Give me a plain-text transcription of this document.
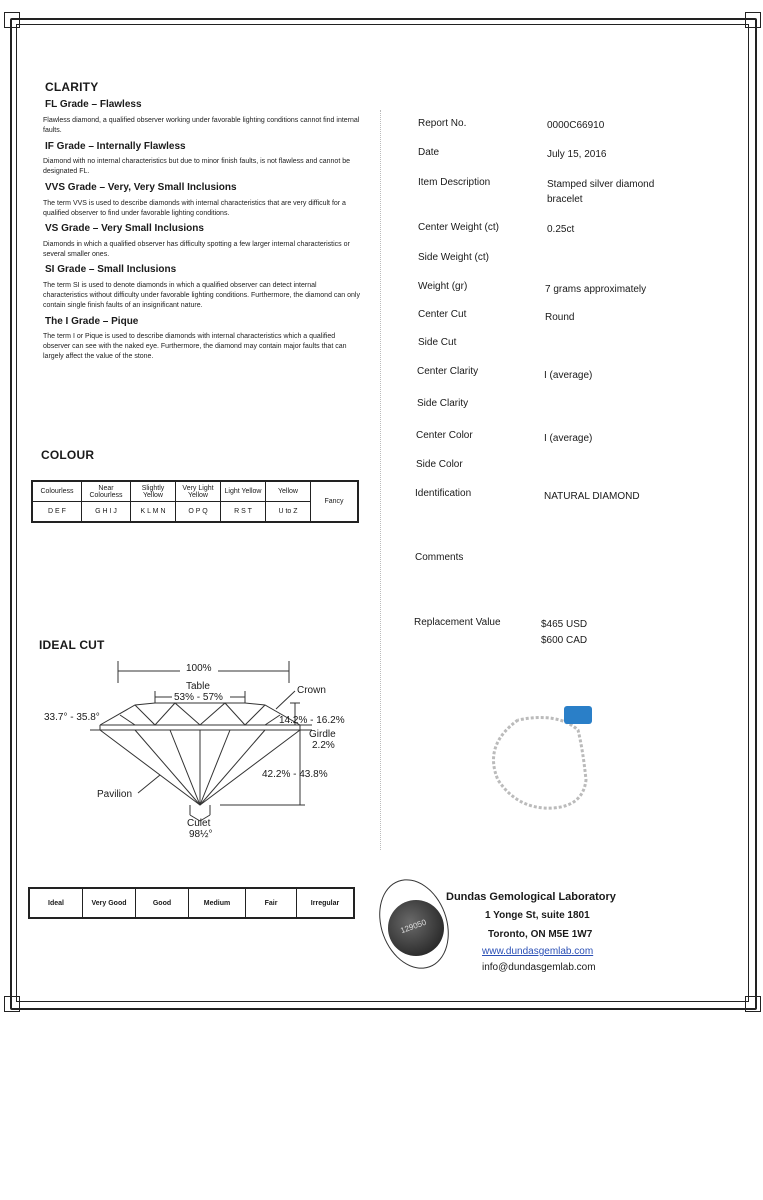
CLARITY
FL Grade – Flawless
Flawless diamond, a qualified observer working under favorable lighting conditions cannot find internal faults.
IF Grade – Internally Flawless
Diamond with no internal characteristics but due to minor finish faults, is not flawless and cannot be designated FL.
VVS Grade – Very, Very Small Inclusions
The term VVS is used to describe diamonds with internal characteristics that are very difficult for a qualified observer to find under favorable lighting conditions.
VS Grade – Very Small Inclusions
Diamonds in which a qualified observer has difficulty spotting a few larger internal characteristics or several smaller ones.
SI Grade – Small Inclusions
The term SI is used to denote diamonds in which a qualified observer can detect internal characteristics without difficulty under favorable lighting conditions. Furthermore, the diamond can only contain single finish faults of an insignificant nature.
The I Grade – Pique
The term I or Pique is used to describe diamonds with internal characteristics which a qualified observer can see with the naked eye. Furthermore, the diamond may contain major faults that can largely affect the value of the stone.
COLOUR
Colourless	Near Colourless	Slightly Yellow	Very Light Yellow	Light Yellow	Yellow	Fancy
D E F	G H I J	K L M N	O P Q	R S T	U to Z	
IDEAL CUT
100%
Table
53% - 57%
Crown
33.7° - 35.8°	14.2% - 16.2%
Girdle
2.2%
42.2% - 43.8%
Pavilion
Culet
98½°
Ideal	Very Good	Good	Medium	Fair	Irregular
Report No.	0000C66910
Date	July 15, 2016
Item Description	Stamped silver diamond bracelet
Center Weight (ct)	0.25ct
Side Weight (ct)
Weight (gr)	7 grams approximately
Center Cut	Round
Side Cut
Center Clarity	I (average)
Side Clarity
Center Color	I (average)
Side Color
Identification	NATURAL DIAMOND
Comments
Replacement Value	$465 USD
$600 CAD
129050
Dundas Gemological Laboratory
1 Yonge St, suite 1801
Toronto, ON M5E 1W7
www.dundasgemlab.com
info@dundasgemlab.com
